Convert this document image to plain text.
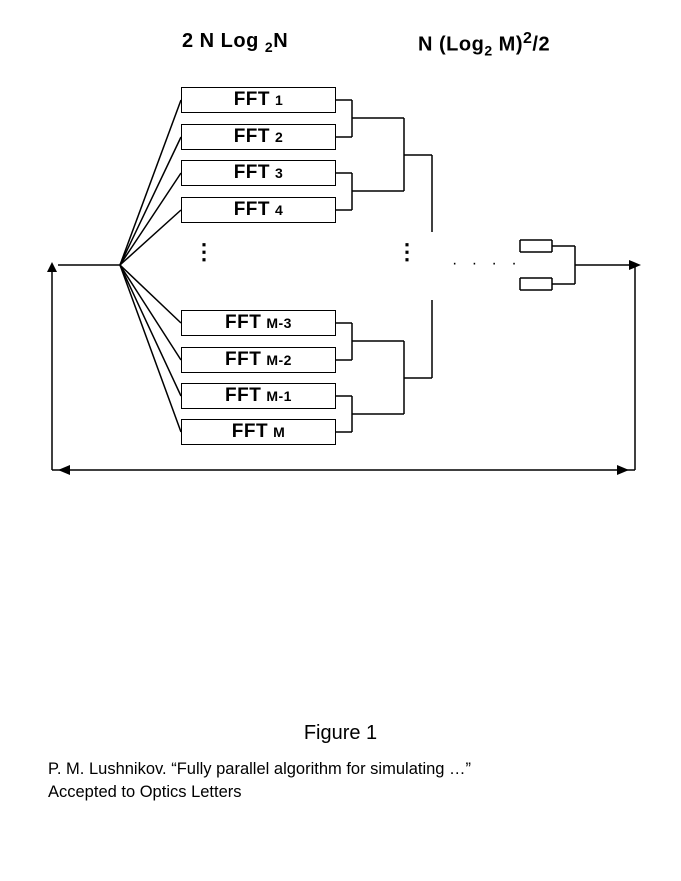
2 N Log $_2$N	N (Log$_2$ M)$^2$/2
FFT 1
FFT 2
FFT 3
FFT 4
FFT M-3
FFT M-2
FFT M-1
FFT M
⋮	⋮ · · · ·
Figure 1
P. M. Lushnikov. “Fully parallel algorithm for simulating …”
Accepted to Optics Letters
